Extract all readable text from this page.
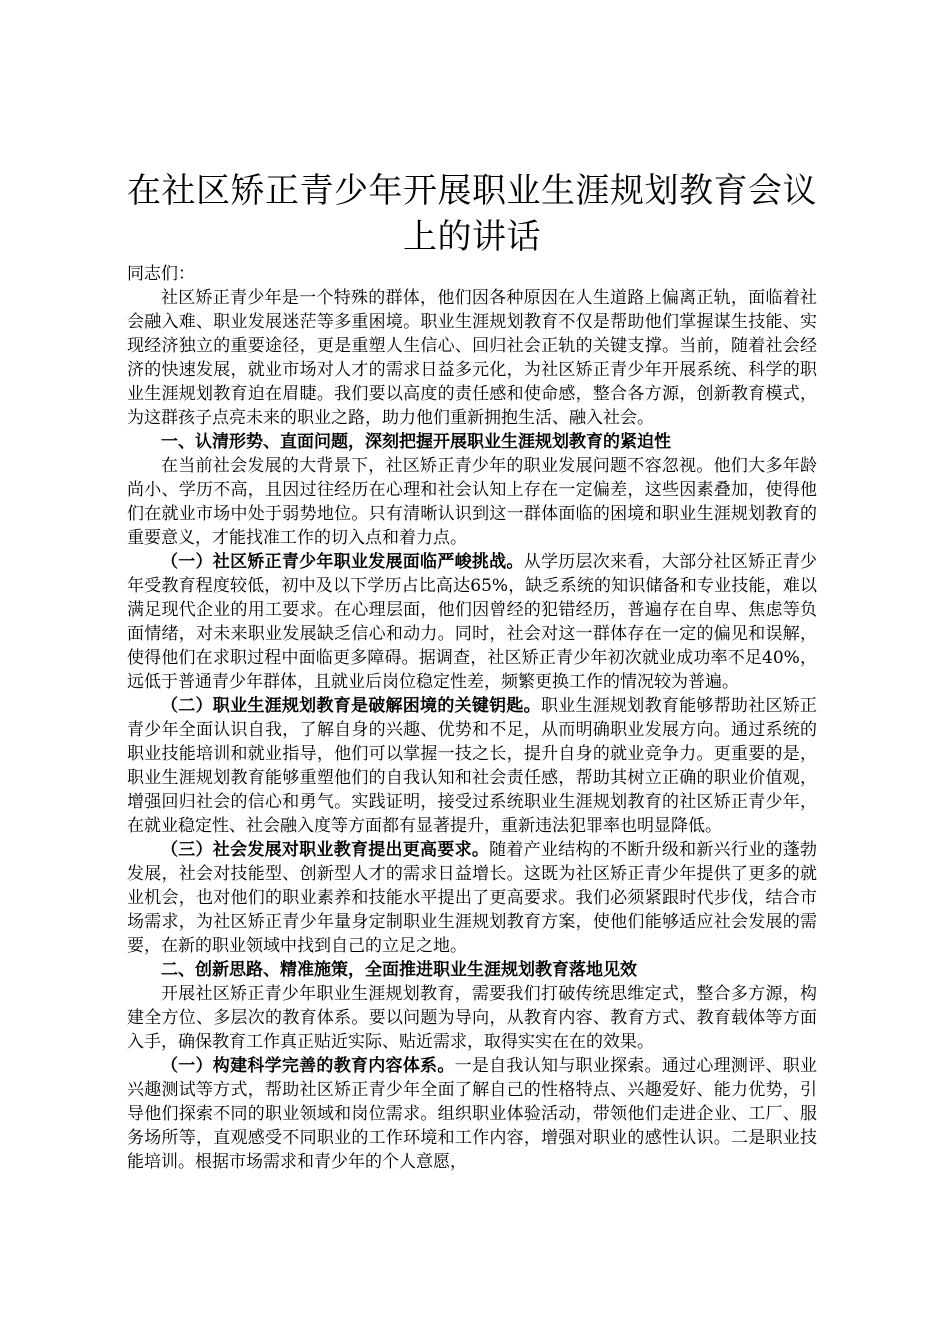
在社区矫正青少年开展职业生涯规划教育会议上的讲话

同志们：

社区矫正青少年是一个特殊的群体，他们因各种原因在人生道路上偏离正轨，面临着社会融入难、职业发展迷茫等多重困境。职业生涯规划教育不仅是帮助他们掌握谋生技能、实现经济独立的重要途径，更是重塑人生信心、回归社会正轨的关键支撑。当前，随着社会经济的快速发展，就业市场对人才的需求日益多元化，为社区矫正青少年开展系统、科学的职业生涯规划教育迫在眉睫。我们要以高度的责任感和使命感，整合各方源，创新教育模式，为这群孩子点亮未来的职业之路，助力他们重新拥抱生活、融入社会。

一、认清形势、直面问题，深刻把握开展职业生涯规划教育的紧迫性

在当前社会发展的大背景下，社区矫正青少年的职业发展问题不容忽视。他们大多年龄尚小、学历不高，且因过往经历在心理和社会认知上存在一定偏差，这些因素叠加，使得他们在就业市场中处于弱势地位。只有清晰认识到这一群体面临的困境和职业生涯规划教育的重要意义，才能找准工作的切入点和着力点。

（一）社区矫正青少年职业发展面临严峻挑战。从学历层次来看，大部分社区矫正青少年受教育程度较低，初中及以下学历占比高达65%，缺乏系统的知识储备和专业技能，难以满足现代企业的用工要求。在心理层面，他们因曾经的犯错经历，普遍存在自卑、焦虑等负面情绪，对未来职业发展缺乏信心和动力。同时，社会对这一群体存在一定的偏见和误解，使得他们在求职过程中面临更多障碍。据调查，社区矫正青少年初次就业成功率不足40%，远低于普通青少年群体，且就业后岗位稳定性差，频繁更换工作的情况较为普遍。

（二）职业生涯规划教育是破解困境的关键钥匙。职业生涯规划教育能够帮助社区矫正青少年全面认识自我，了解自身的兴趣、优势和不足，从而明确职业发展方向。通过系统的职业技能培训和就业指导，他们可以掌握一技之长，提升自身的就业竞争力。更重要的是，职业生涯规划教育能够重塑他们的自我认知和社会责任感，帮助其树立正确的职业价值观，增强回归社会的信心和勇气。实践证明，接受过系统职业生涯规划教育的社区矫正青少年，在就业稳定性、社会融入度等方面都有显著提升，重新违法犯罪率也明显降低。

（三）社会发展对职业教育提出更高要求。随着产业结构的不断升级和新兴行业的蓬勃发展，社会对技能型、创新型人才的需求日益增长。这既为社区矫正青少年提供了更多的就业机会，也对他们的职业素养和技能水平提出了更高要求。我们必须紧跟时代步伐，结合市场需求，为社区矫正青少年量身定制职业生涯规划教育方案，使他们能够适应社会发展的需要，在新的职业领域中找到自己的立足之地。

二、创新思路、精准施策，全面推进职业生涯规划教育落地见效

开展社区矫正青少年职业生涯规划教育，需要我们打破传统思维定式，整合多方源，构建全方位、多层次的教育体系。要以问题为导向，从教育内容、教育方式、教育载体等方面入手，确保教育工作真正贴近实际、贴近需求，取得实实在在的效果。

（一）构建科学完善的教育内容体系。一是自我认知与职业探索。通过心理测评、职业兴趣测试等方式，帮助社区矫正青少年全面了解自己的性格特点、兴趣爱好、能力优势，引导他们探索不同的职业领域和岗位需求。组织职业体验活动，带领他们走进企业、工厂、服务场所等，直观感受不同职业的工作环境和工作内容，增强对职业的感性认识。二是职业技能培训。根据市场需求和青少年的个人意愿，
